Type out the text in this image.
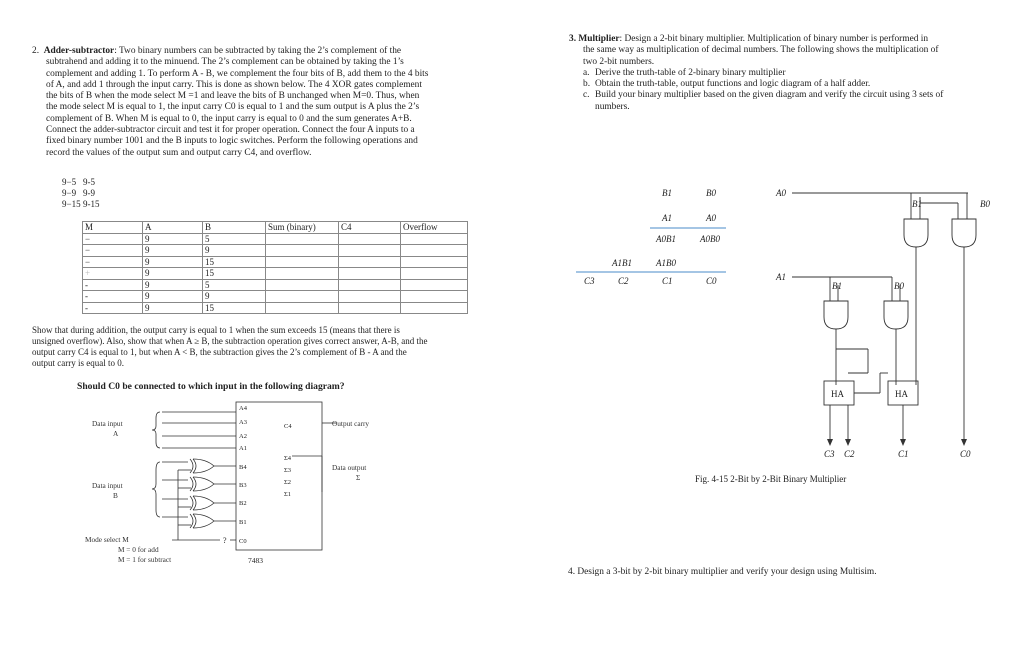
2. Adder-subtractor: Two binary numbers can be subtracted by taking the 2’s complement of the

subtrahend and adding it to the minuend. The 2’s complement can be obtained by taking the 1’s

complement and adding 1. To perform A - B, we complement the four bits of B, add them to the 4 bits

of A, and add 1 through the input carry. This is done as shown below. The 4 XOR gates complement

the bits of B when the mode select M =1 and leave the bits of B unchanged when M=0. Thus, when

the mode select M is equal to 1, the input carry C0 is equal to 1 and the sum output is A plus the 2’s

complement of B. When M is equal to 0, the input carry is equal to 0 and the sum generates A+B.

Connect the adder-subtractor circuit and test it for proper operation. Connect the four A inputs to a

fixed binary number 1001 and the B inputs to logic switches. Perform the following operations and

record the values of the output sum and output carry C4, and overflow.

9−5 9-5

9−9 9-9

9−15 9-15

M	A	B	Sum (binary)	C4	Overflow
−	9	5			
−	9	9			
−	9	15			
+	9	15			
-	9	5			
-	9	9			
-	9	15			

Show that during addition, the output carry is equal to 1 when the sum exceeds 15 (means that there is

unsigned overflow). Also, show that when A ≥ B, the subtraction operation gives correct answer, A-B, and the

output carry C4 is equal to 1, but when A < B, the subtraction gives the 2’s complement of B - A and the

output carry is equal to 0.

Should C0 be connected to which input in the following diagram?
A4
A3
A2
A1
B4
B3
B2
B1
C0
?
C4
Σ4
Σ3
Σ2
Σ1
7483
Data input
A
Data input
B
Mode select M
M = 0 for add
M = 1 for subtract
Output carry
Data output
Σ

3. Multiplier: Design a 2-bit binary multiplier. Multiplication of binary number is performed in

the same way as multiplication of decimal numbers. The following shows the multiplication of

two 2-bit numbers.

a. Derive the truth-table of 2-binary binary multiplier

b. Obtain the truth-table, output functions and logic diagram of a half adder.

c. Build your binary multiplier based on the given diagram and verify the circuit using 3 sets of

numbers.

B1	B0
A1	A0
A0B1	A0B0
A1B1	A1B0
C3	C2	C1	C0
A0
A1
B1	B0
B1	B0
C3 C2	C1	C0
HA	HA
Fig. 4-15 2-Bit by 2-Bit Binary Multiplier
4. Design a 3-bit by 2-bit binary multiplier and verify your design using Multisim.
